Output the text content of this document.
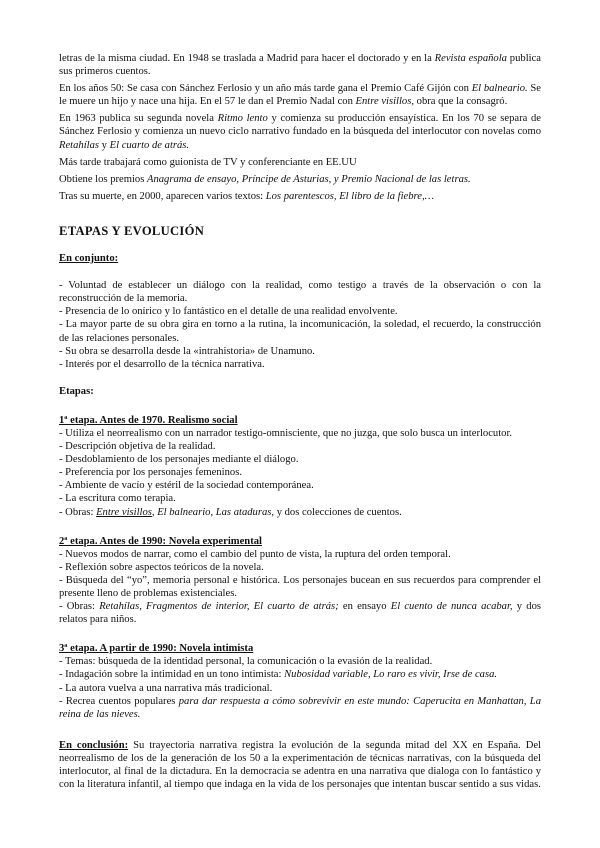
letras de la misma ciudad. En 1948 se traslada a Madrid para hacer el doctorado y en la Revista española publica sus primeros cuentos.

En los años 50: Se casa con Sánchez Ferlosio y un año más tarde gana el Premio Café Gijón con El balneario. Se le muere un hijo y nace una hija. En el 57 le dan el Premio Nadal con Entre visillos, obra que la consagró.

En 1963 publica su segunda novela Ritmo lento y comienza su producción ensayística. En los 70 se separa de Sánchez Ferlosio y comienza un nuevo ciclo narrativo fundado en la búsqueda del interlocutor con novelas como Retahílas y El cuarto de atrás.

Más tarde trabajará como guionista de TV y conferenciante en EE.UU

Obtiene los premios Anagrama de ensayo, Príncipe de Asturias, y Premio Nacional de las letras.

Tras su muerte, en 2000, aparecen varios textos: Los parentescos, El libro de la fiebre,…

ETAPAS Y EVOLUCIÓN

En conjunto:

- Voluntad de establecer un diálogo con la realidad, como testigo a través de la observación o con la reconstrucción de la memoria.

- Presencia de lo onírico y lo fantástico en el detalle de una realidad envolvente.

- La mayor parte de su obra gira en torno a la rutina, la incomunicación, la soledad, el recuerdo, la construcción de las relaciones personales.

- Su obra se desarrolla desde la «intrahistoria» de Unamuno.

- Interés por el desarrollo de la técnica narrativa.

Etapas:

1ª etapa. Antes de 1970. Realismo social

- Utiliza el neorrealismo con un narrador testigo-omnisciente, que no juzga, que solo busca un interlocutor.

- Descripción objetiva de la realidad.

- Desdoblamiento de los personajes mediante el diálogo.

- Preferencia por los personajes femeninos.

- Ambiente de vacío y estéril de la sociedad contemporánea.

- La escritura como terapia.

- Obras: Entre visillos, El balneario, Las ataduras, y dos colecciones de cuentos.

2ª etapa. Antes de 1990: Novela experimental

- Nuevos modos de narrar, como el cambio del punto de vista, la ruptura del orden temporal.

- Reflexión sobre aspectos teóricos de la novela.

- Búsqueda del “yo”, memoria personal e histórica. Los personajes bucean en sus recuerdos para comprender el presente lleno de problemas existenciales.

- Obras: Retahílas, Fragmentos de interior, El cuarto de atrás; en ensayo El cuento de nunca acabar, y dos relatos para niños.

3ª etapa. A partir de 1990: Novela intimista

- Temas: búsqueda de la identidad personal, la comunicación o la evasión de la realidad.

- Indagación sobre la intimidad en un tono intimista: Nubosidad variable, Lo raro es vivir, Irse de casa.

- La autora vuelva a una narrativa más tradicional.

- Recrea cuentos populares para dar respuesta a cómo sobrevivir en este mundo: Caperucita en Manhattan, La reina de las nieves.

En conclusión: Su trayectoria narrativa registra la evolución de la segunda mitad del XX en España. Del neorrealismo de los de la generación de los 50 a la experimentación de técnicas narrativas, con la búsqueda del interlocutor, al final de la dictadura. En la democracia se adentra en una narrativa que dialoga con lo fantástico y con la literatura infantil, al tiempo que indaga en la vida de los personajes que intentan buscar sentido a sus vidas.
